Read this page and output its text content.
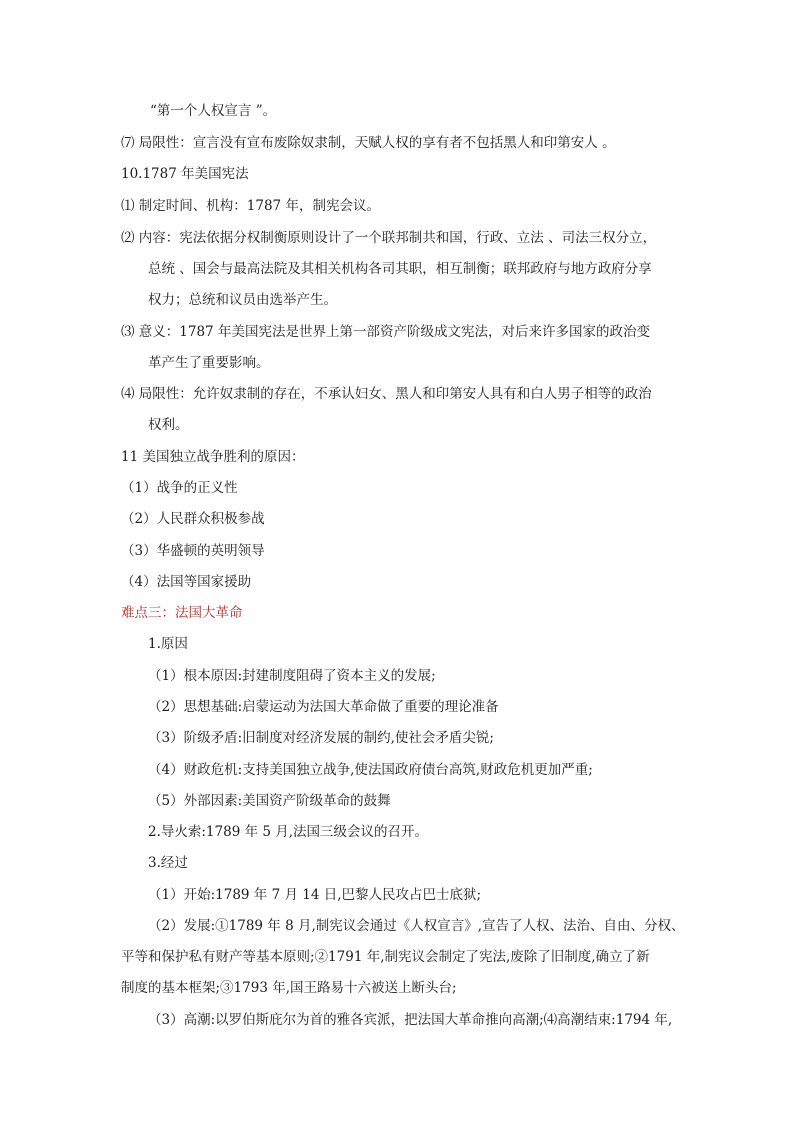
“第一个人权宣言 ”。
⑺ 局限性：宣言没有宣布废除奴隶制，天赋人权的享有者不包括黑人和印第安人 。
10.1787 年美国宪法
⑴ 制定时间、机构：1787 年，制宪会议。
⑵ 内容：宪法依据分权制衡原则设计了一个联邦制共和国，行政、立法 、司法三权分立，
总统 、国会与最高法院及其相关机构各司其职，相互制衡；联邦政府与地方政府分享
权力；总统和议员由选举产生。
⑶ 意义：1787 年美国宪法是世界上第一部资产阶级成文宪法，对后来许多国家的政治变
革产生了重要影响。
⑷ 局限性：允许奴隶制的存在，不承认妇女、黑人和印第安人具有和白人男子相等的政治
权利。
11 美国独立战争胜利的原因：
（1）战争的正义性
（2）人民群众积极参战
（3）华盛顿的英明领导
（4）法国等国家援助
难点三：法国大革命
1.原因
（1）根本原因:封建制度阻碍了资本主义的发展;
（2）思想基础:启蒙运动为法国大革命做了重要的理论准备
（3）阶级矛盾:旧制度对经济发展的制约,使社会矛盾尖锐;
（4）财政危机:支持美国独立战争,使法国政府债台高筑,财政危机更加严重;
（5）外部因素:美国资产阶级革命的鼓舞
2.导火索:1789 年 5 月,法国三级会议的召开。
3.经过
（1）开始:1789 年 7 月 14 日,巴黎人民攻占巴士底狱;
（2）发展:①1789 年 8 月,制宪议会通过《人权宣言》,宣告了人权、法治、自由、分权、
平等和保护私有财产等基本原则;②1791 年,制宪议会制定了宪法,废除了旧制度,确立了新
制度的基本框架;③1793 年,国王路易十六被送上断头台;
（3）高潮:以罗伯斯庇尔为首的雅各宾派，把法国大革命推向高潮;⑷高潮结束:1794 年,
